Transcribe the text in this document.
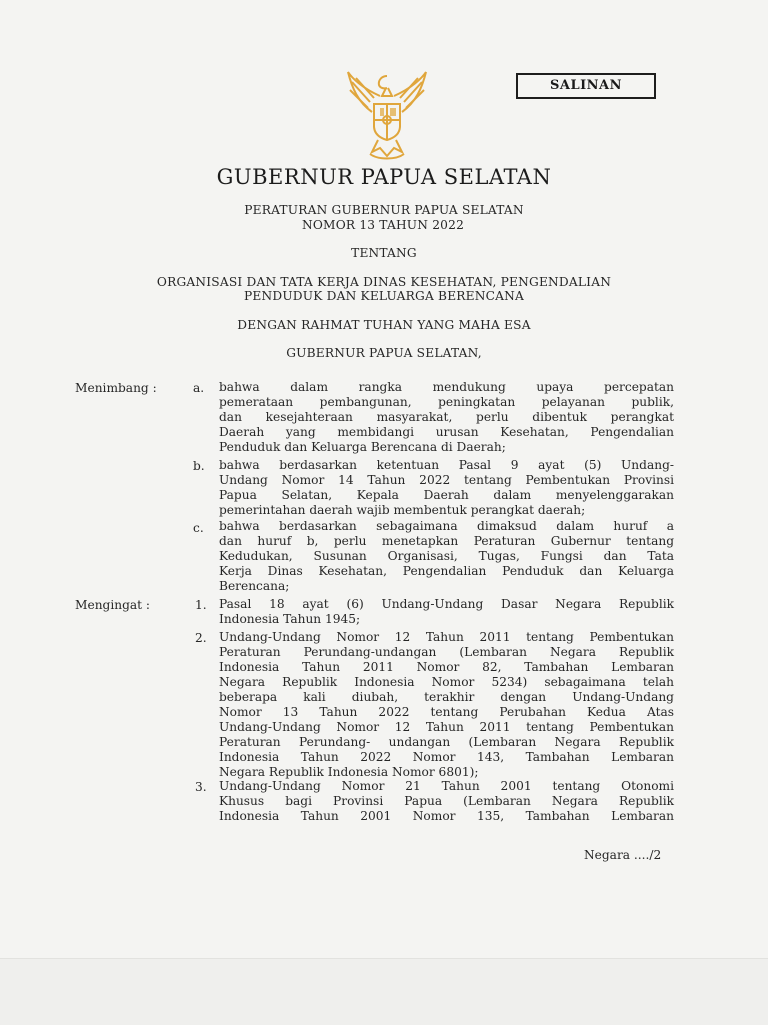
SALINAN
GUBERNUR PAPUA SELATAN
PERATURAN GUBERNUR PAPUA SELATAN
NOMOR 13 TAHUN 2022
TENTANG
ORGANISASI DAN TATA KERJA DINAS KESEHATAN, PENGENDALIAN
PENDUDUK DAN KELUARGA BERENCANA
DENGAN RAHMAT TUHAN YANG MAHA ESA
GUBERNUR PAPUA SELATAN,
Menimbang :	a. bahwa dalam rangka mendukung upaya percepatan
pemerataan pembangunan, peningkatan pelayanan publik,
dan kesejahteraan masyarakat, perlu dibentuk perangkat
Daerah yang membidangi urusan Kesehatan, Pengendalian
Penduduk dan Keluarga Berencana di Daerah;
b. bahwa berdasarkan ketentuan Pasal 9 ayat (5) Undang-
Undang Nomor 14 Tahun 2022 tentang Pembentukan Provinsi
Papua Selatan, Kepala Daerah dalam menyelenggarakan
pemerintahan daerah wajib membentuk perangkat daerah;
c. bahwa berdasarkan sebagaimana dimaksud dalam huruf a
dan huruf b, perlu menetapkan Peraturan Gubernur tentang
Kedudukan, Susunan Organisasi, Tugas, Fungsi dan Tata
Kerja Dinas Kesehatan, Pengendalian Penduduk dan Keluarga
Berencana;
Mengingat :	1. Pasal 18 ayat (6) Undang-Undang Dasar Negara Republik
Indonesia Tahun 1945;
2. Undang-Undang Nomor 12 Tahun 2011 tentang Pembentukan
Peraturan Perundang-undangan (Lembaran Negara Republik
Indonesia Tahun 2011 Nomor 82, Tambahan Lembaran
Negara Republik Indonesia Nomor 5234) sebagaimana telah
beberapa kali diubah, terakhir dengan Undang-Undang
Nomor 13 Tahun 2022 tentang Perubahan Kedua Atas
Undang-Undang Nomor 12 Tahun 2011 tentang Pembentukan
Peraturan Perundang- undangan (Lembaran Negara Republik
Indonesia Tahun 2022 Nomor 143, Tambahan Lembaran
Negara Republik Indonesia Nomor 6801);
3. Undang-Undang Nomor 21 Tahun 2001 tentang Otonomi
Khusus bagi Provinsi Papua (Lembaran Negara Republik
Indonesia Tahun 2001 Nomor 135, Tambahan Lembaran
Negara ..../2
